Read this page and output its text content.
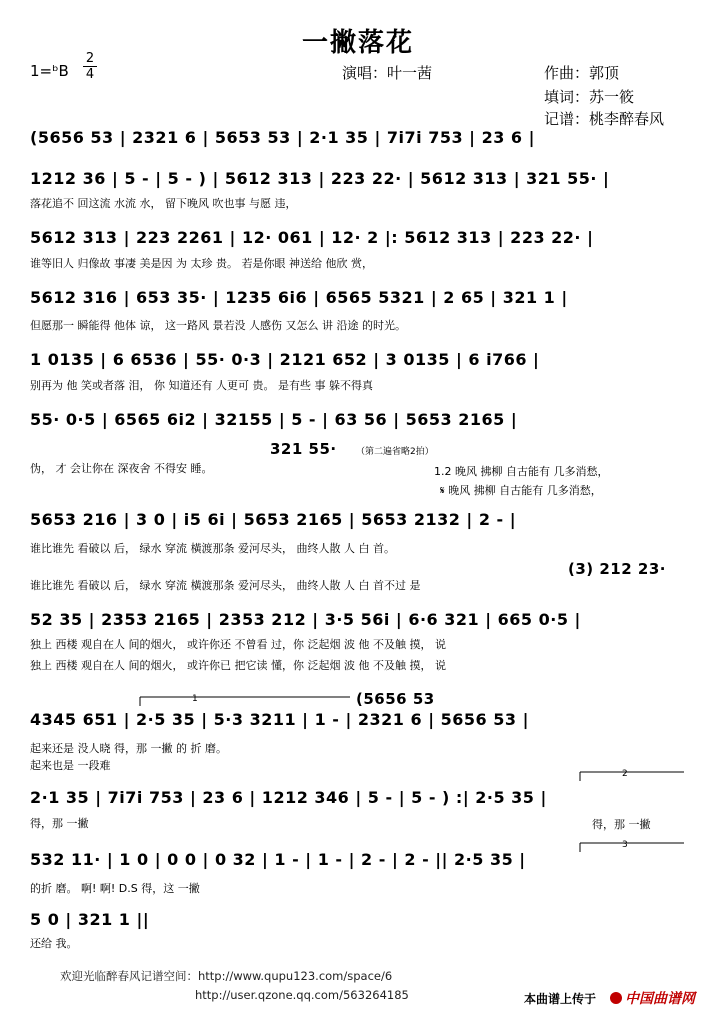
一撇落花
1=ᵇB
2
4	演唱：叶一茜	作曲：郭顶
填词：苏一筱
记谱：桃李醉春风
(5656 53 | 2321 6 | 5653 53 | 2·1 35 | 7i7i 753 | 23 6 |
1212 36 | 5 - | 5 - ) | 5612 313 | 223 22· | 5612 313 | 321 55· |
落花追不 回这流 水流 水， 留下晚风 吹也事 与愿 违，
5612 313 | 223 2261 | 12· 061 | 12· 2 |: 5612 313 | 223 22· |
谁等旧人 归像故 事凄 美是因 为 太珍 贵。 若是你眼 神送给 他欣 赏，
5612 316 | 653 35· | 1235 6i6 | 6565 5321 | 2 65 | 321 1 |
但愿那一 瞬能得 他体 谅， 这一路风 景若没 人感伤 又怎么 讲 沿途 的时光。
1 0135 | 6 6536 | 55· 0·3 | 2121 652 | 3 0135 | 6 i766 |
别再为 他 笑或者落 泪， 你 知道还有 人更可 贵。 是有些 事 躲不得真
55· 0·5 | 6565 6i2 | 32155 | 5 - | 63 56 | 5653 2165 |
伪， 才 会让你在 深夜舍 不得安 睡。
5653 216 | 3 0 | i5 6i | 5653 2165 | 5653 2132 | 2 - |
谁比谁先 看破以 后， 绿水 穿流 橫渡那条 爱河尽头， 曲终人散 人 白 首。
谁比谁先 看破以 后， 绿水 穿流 橫渡那条 爱河尽头， 曲终人散 人 白 首不过 是
52 35 | 2353 2165 | 2353 212 | 3·5 56i | 6·6 321 | 665 0·5 |
独上 西楼 观自在人 间的烟火， 或许你还 不曾看 过，你 泛起烟 波 他 不及触 摸， 说
独上 西楼 观自在人 间的烟火， 或许你已 把它读 懂，你 泛起烟 波 他 不及触 摸， 说
4345 651 | 2·5 35 | 5·3 3211 | 1 - | 2321 6 | 5656 53 |
起来还是 没人晓 得，那 一撇 的 折 磨。
起来也是 一段难
2·1 35 | 7i7i 753 | 23 6 | 1212 346 | 5 - | 5 - ) :| 2·5 35 |
得，那 一撇
532 11· | 1 0 | 0 0 | 0 32 | 1 - | 1 - | 2 - | 2 - || 2·5 35 |
的折 磨。 啊! 啊! D.S 得，这 一撇
5 0 | 321 1 ||
还给 我。
321 55· （第二遍省略2拍）
1.2 晚风 拂柳 自古能有 几多消愁，
𝄋 晚风 拂柳 自古能有 几多消愁，
(3) 212 23·
(5656 53
得，那 一撇
1
2
3
欢迎光临醉春风记谱空间：http://www.qupu123.com/space/6
http://user.qzone.qq.com/563264185	本曲谱上传于	中国曲谱网
